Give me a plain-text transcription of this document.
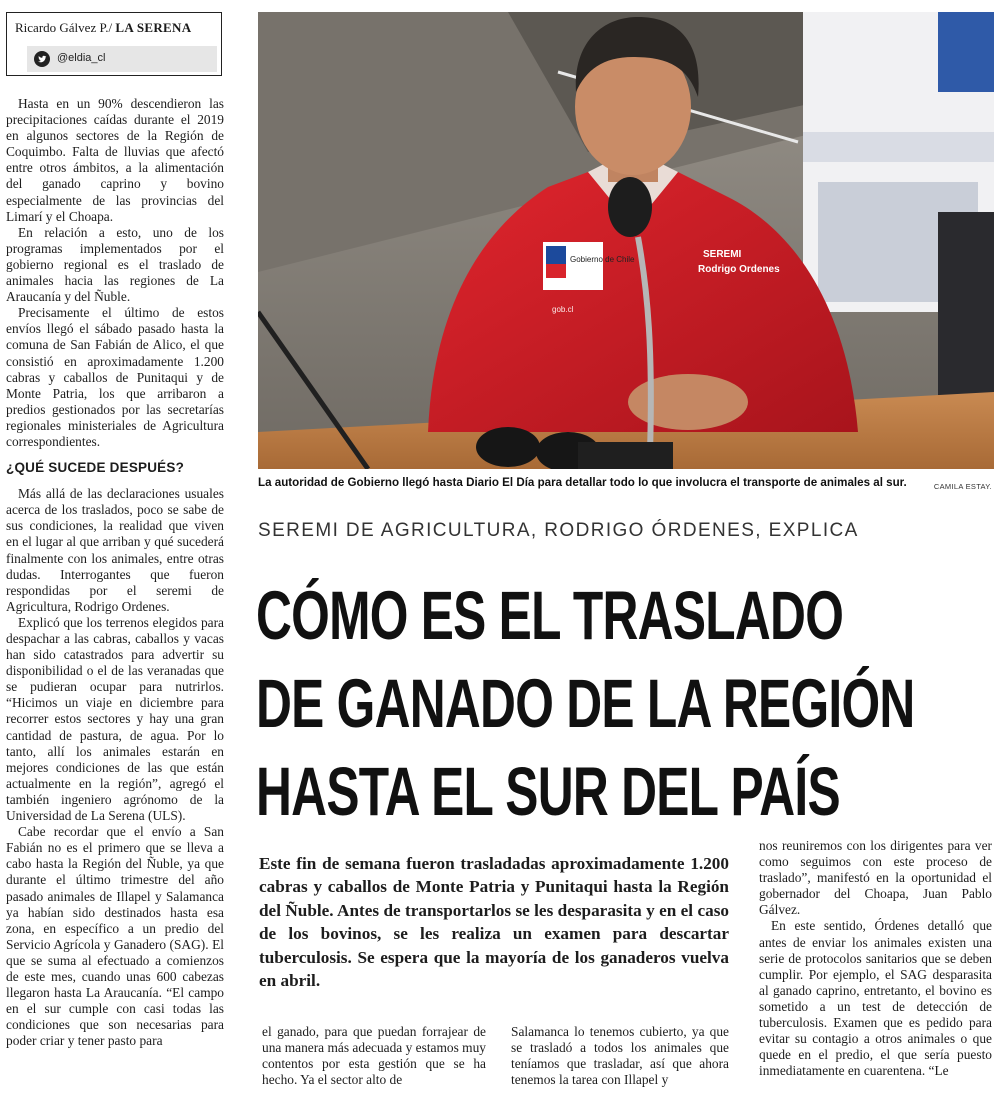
Ricardo Gálvez P./ LA SERENA
@eldia_cl

Hasta en un 90% descendieron las precipitaciones caídas durante el 2019 en algunos sectores de la Región de Coquimbo. Falta de lluvias que afectó entre otros ámbitos, a la alimentación del ganado caprino y bovino especialmente de las provincias del Limarí y el Choapa.

En relación a esto, uno de los programas implementados por el gobierno regional es el traslado de animales hacia las regiones de La Araucanía y del Ñuble.

Precisamente el último de estos envíos llegó el sábado pasado hasta la comuna de San Fabián de Alico, el que consistió en aproximadamente 1.200 cabras y caballos de Punitaqui y de Monte Patria, los que arribaron a predios gestionados por las secretarías regionales ministeriales de Agricultura correspondientes.

¿QUÉ SUCEDE DESPUÉS?

Más allá de las declaraciones usuales acerca de los traslados, poco se sabe de sus condiciones, la realidad que viven en el lugar al que arriban y qué sucederá finalmente con los animales, entre otras dudas. Interrogantes que fueron respondidas por el seremi de Agricultura, Rodrigo Ordenes.

Explicó que los terrenos elegidos para despachar a las cabras, caballos y vacas han sido catastrados para advertir su disponibilidad o el de las veranadas que se pudieran ocupar para nutrirlos. “Hicimos un viaje en diciembre para recorrer estos sectores y hay una gran cantidad de pastura, de agua. Por lo tanto, allí los animales estarán en mejores condiciones de las que están actualmente en la región”, agregó el también ingeniero agrónomo de la Universidad de La Serena (ULS).

Cabe recordar que el envío a San Fabián no es el primero que se lleva a cabo hasta la Región del Ñuble, ya que durante el último trimestre del año pasado animales de Illapel y Salamanca ya habían sido destinados hasta esa zona, en específico a un predio del Servicio Agrícola y Ganadero (SAG). El que se suma al efectuado a comienzos de este mes, cuando unas 600 cabezas llegaron hasta La Araucanía. “El campo en el sur cumple con casi todas las condiciones que son necesarias para poder criar y tener pasto para

Gobierno de Chile
gob.cl
SEREMI
Rodrigo Ordenes
La autoridad de Gobierno llegó hasta Diario El Día para detallar todo lo que involucra el transporte de animales al sur.	CAMILA ESTAY.
SEREMI DE AGRICULTURA, RODRIGO ÓRDENES, EXPLICA
CÓMO ES EL TRASLADO
DE GANADO DE LA REGIÓN
HASTA EL SUR DEL PAÍS

Este fin de semana fueron trasladadas aproximadamente 1.200 cabras y caballos de Monte Patria y Punitaqui hasta la Región del Ñuble. Antes de transportarlos se les desparasita y en el caso de los bovinos, se les realiza un examen para descartar tuberculosis. Se espera que la mayoría de los ganaderos vuelva en abril.

el ganado, para que puedan forrajear de una manera más adecuada y estamos muy contentos por esta gestión que se ha hecho. Ya el sector alto de

Salamanca lo tenemos cubierto, ya que se trasladó a todos los animales que teníamos que trasladar, así que ahora tenemos la tarea con Illapel y

nos reuniremos con los dirigentes para ver como seguimos con este proceso de traslado”, manifestó en la oportunidad el gobernador del Choapa, Juan Pablo Gálvez.

En este sentido, Órdenes detalló que antes de enviar los animales existen una serie de protocolos sanitarios que se deben cumplir. Por ejemplo, el SAG desparasita al ganado caprino, entretanto, el bovino es sometido a un test de detección de tuberculosis. Examen que es pedido para evitar su contagio a otros animales o que quede en el predio, el que sería puesto inmediatamente en cuarentena. “Le
